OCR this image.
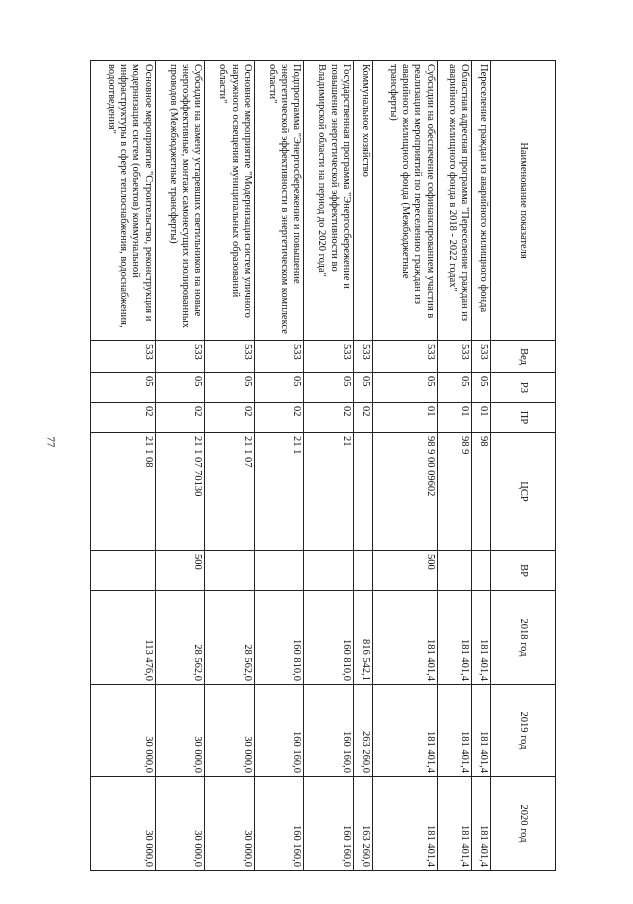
77
Наименование показателя	Вед	РЗ	ПР	ЦСР	ВР	2018 год	2019 год	2020 год
Переселение граждан из аварийного жилищного фонда	533	05	01	98		181 401,4	181 401,4	181 401,4
Областная адресная программа "Переселение граждан из аварийного жилищного фонда в 2018 - 2022 годах"	533	05	01	98 9		181 401,4	181 401,4	181 401,4
Субсидии на обеспечение софинансированием участия в реализации мероприятий по переселению граждан из аварийного жилищного фонда (Межбюджетные трансферты)	533	05	01	98 9 00 09602	500	181 401,4	181 401,4	181 401,4
Коммунальное хозяйство	533	05	02			816 542,1	263 260,0	163 260,0
Государственная программа "Энергосбережение и повышение энергетической эффективности во Владимирской области на период до 2020 года"	533	05	02	21		160 810,0	160 160,0	160 160,0
Подпрограмма "Энергосбережение и повышение энергетической эффективности в энергетическом комплексе области"	533	05	02	21 1		160 810,0	160 160,0	160 160,0
Основное мероприятие "Модернизация систем уличного наружного освещения муниципальных образований области"	533	05	02	21 1 07		28 562,0	30 000,0	30 000,0
Субсидии на замену устаревших светильников на новые энергоэффективные, монтаж самонесущих изолированных проводов (Межбюджетные трансферты)	533	05	02	21 1 07 70130	500	28 562,0	30 000,0	30 000,0
Основное мероприятие "Строительство, реконструкция и модернизация систем (объектов) коммунальной инфраструктуры в сфере теплоснабжения, водоснабжения, водоотведения"	533	05	02	21 1 08		113 476,0	30 000,0	30 000,0
